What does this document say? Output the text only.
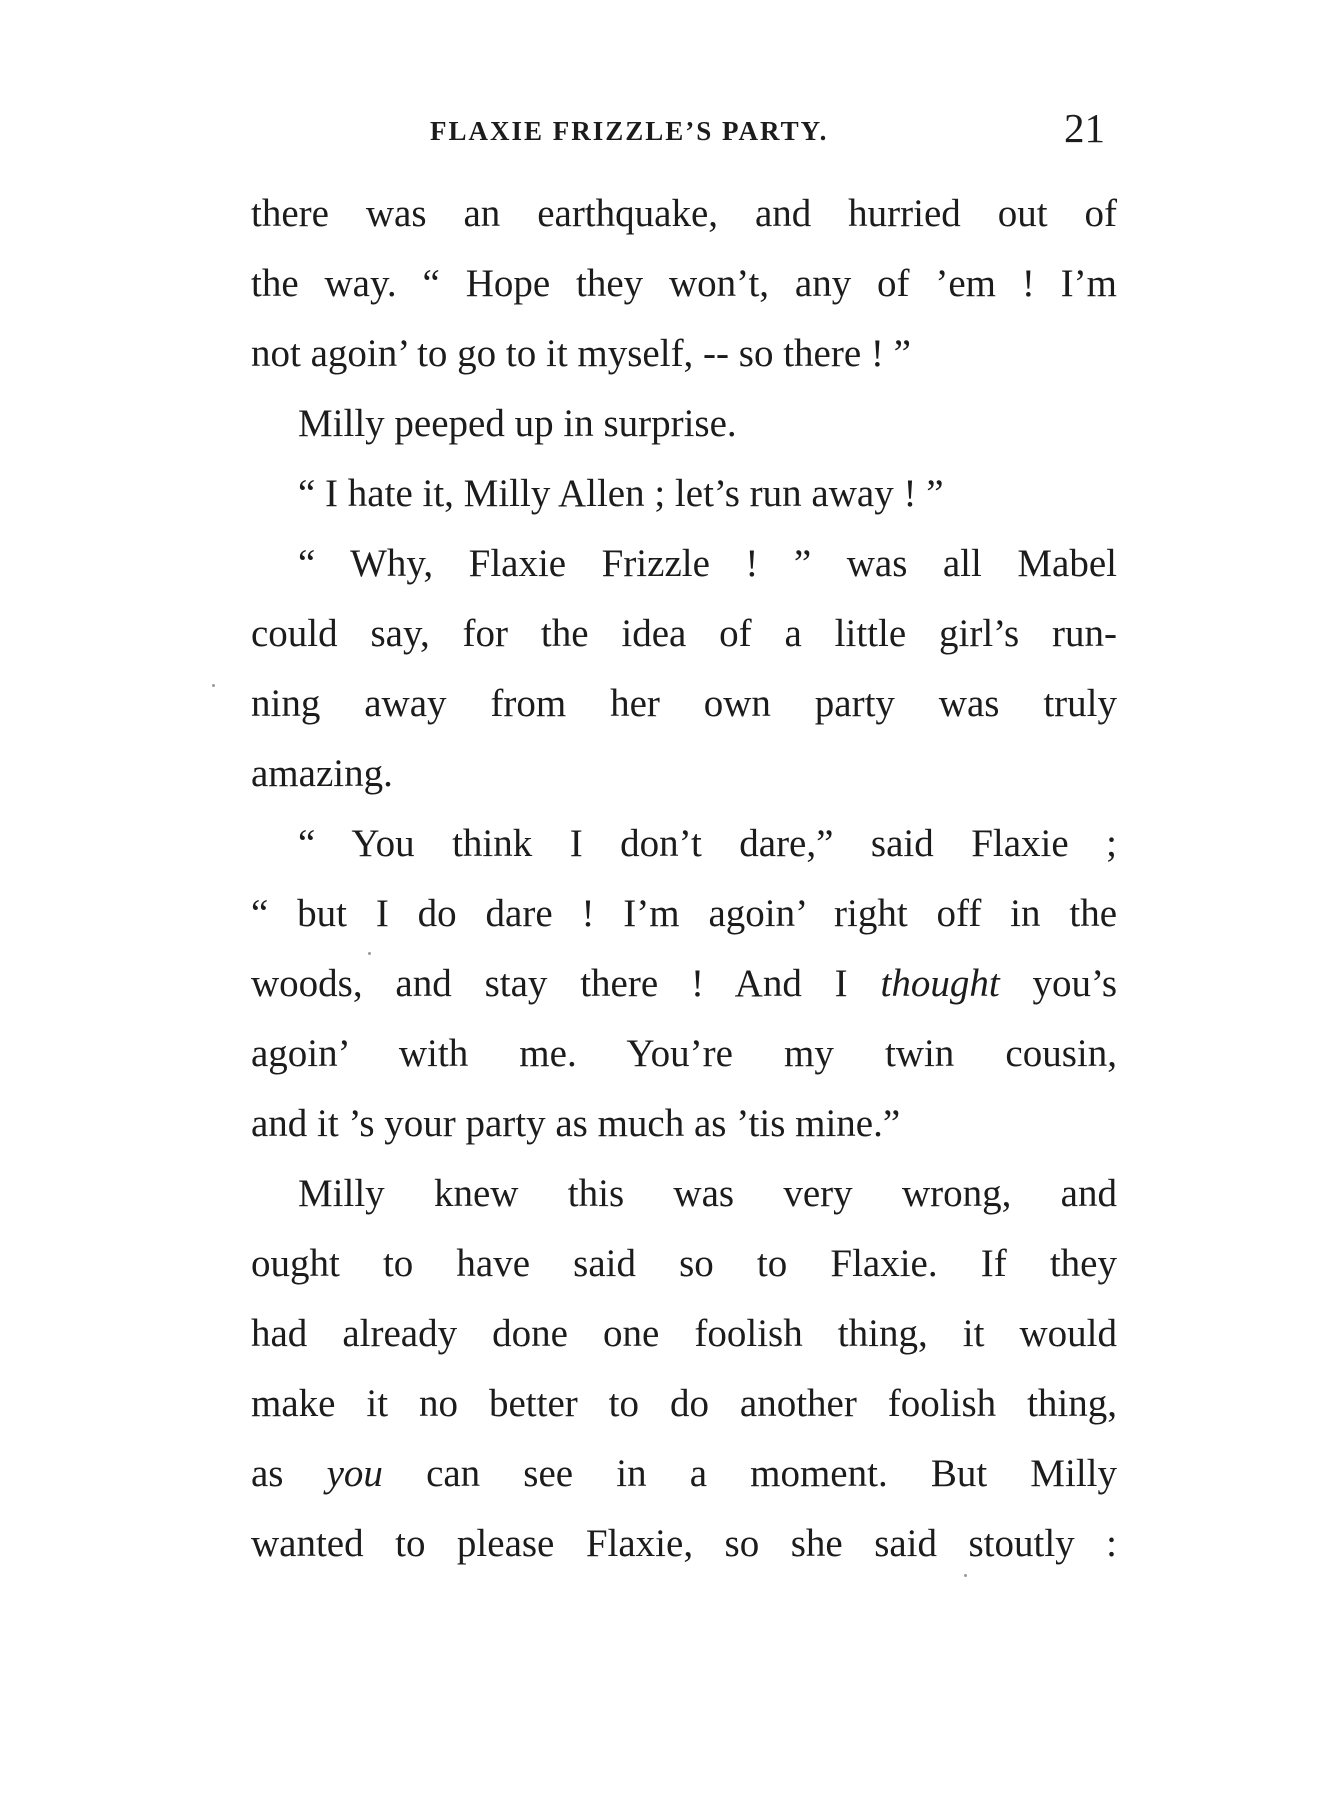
FLAXIE FRIZZLE’S PARTY.	21
there was an earthquake, and hurried out of
the way. “ Hope they won’t, any of ’em ! I’m
not agoin’ to go to it myself, -- so there ! ”
Milly peeped up in surprise.
“ I hate it, Milly Allen ; let’s run away ! ”
“ Why, Flaxie Frizzle ! ” was all Mabel
could say, for the idea of a little girl’s run-
ning away from her own party was truly
amazing.
“ You think I don’t dare,” said Flaxie ;
“ but I do dare ! I’m agoin’ right off in the
woods, and stay there ! And I thought you’s
agoin’ with me. You’re my twin cousin,
and it ’s your party as much as ’tis mine.”
Milly knew this was very wrong, and
ought to have said so to Flaxie. If they
had already done one foolish thing, it would
make it no better to do another foolish thing,
as you can see in a moment. But Milly
wanted to please Flaxie, so she said stoutly :
